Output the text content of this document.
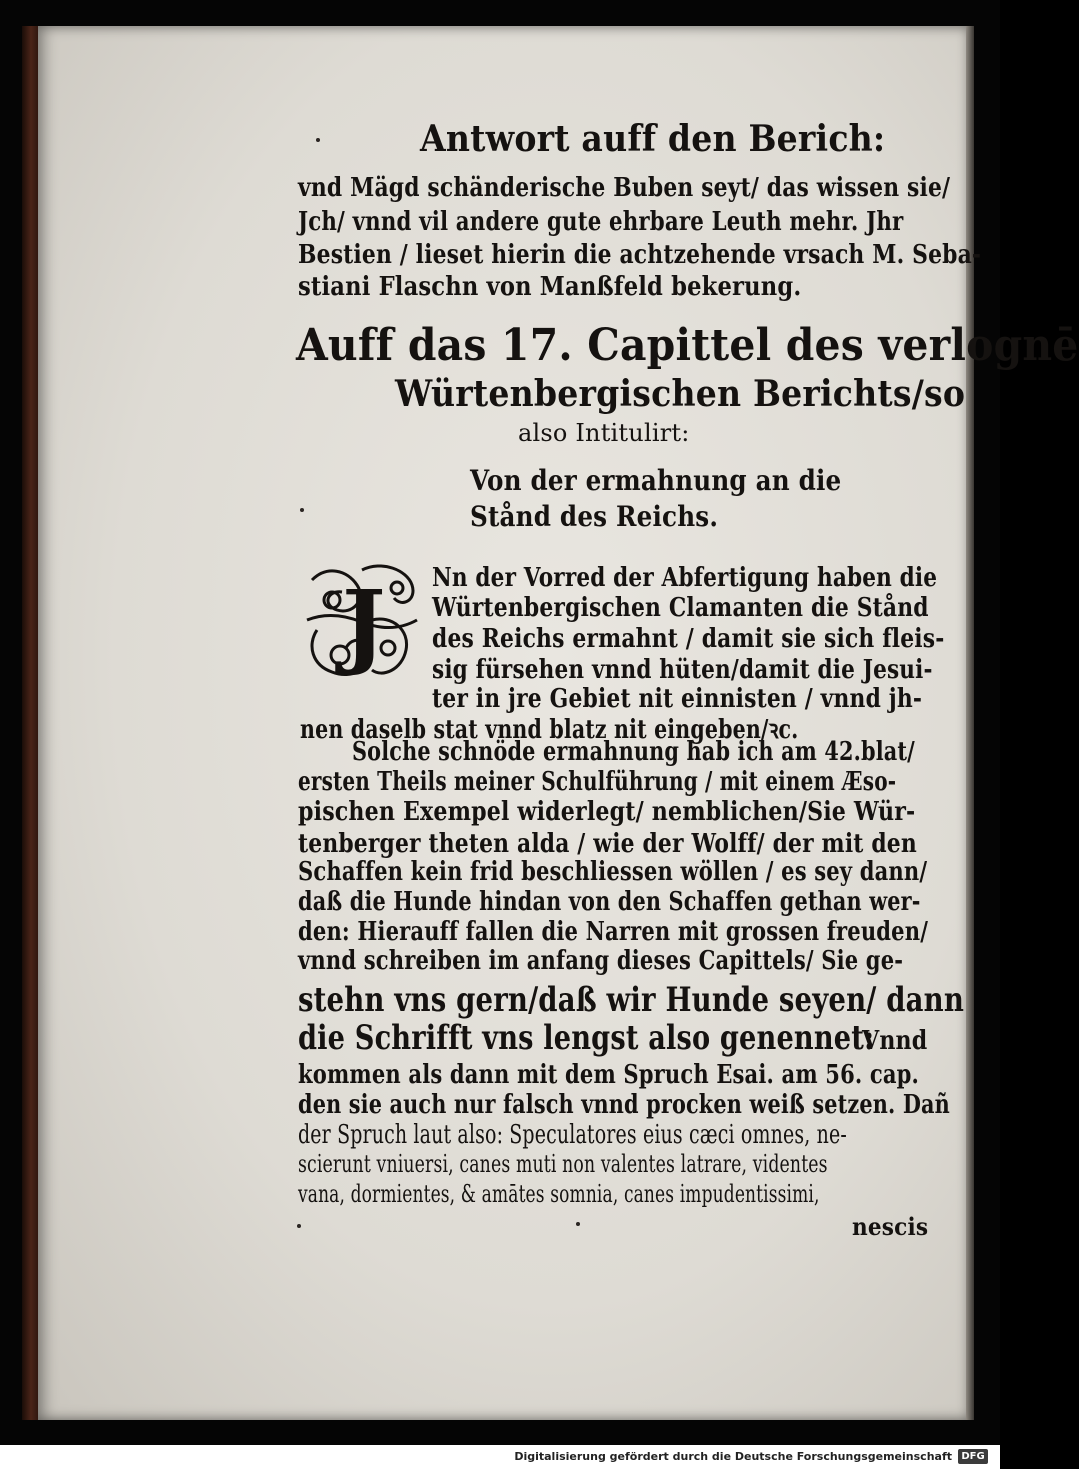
Antwort auff den Berich:
vnd Mägd schänderische Buben seyt/ das wissen sie/
Jch/ vnnd vil andere gute ehrbare Leuth mehr. Jhr
Bestien / lieset hierin die achtzehende vrsach M. Seba-
stiani Flaschn von Manßfeld bekerung.
Auff das 17. Capittel des verlognē
Würtenbergischen Berichts/so
also Intitulirt:
Von der ermahnung an die
Stånd des Reichs.
J Nn der Vorred der Abfertigung haben die
Würtenbergischen Clamanten die Stånd
des Reichs ermahnt / damit sie sich fleis-
sig fürsehen vnnd hüten/damit die Jesui-
ter in jre Gebiet nit einnisten / vnnd jh-
nen daselb stat vnnd blatz nit eingeben/ꝛc.
Solche schnöde ermahnung hab ich am 42.blat/
ersten Theils meiner Schulführung / mit einem Æso-
pischen Exempel widerlegt/ nemblichen/Sie Wür-
tenberger theten alda / wie der Wolff/ der mit den
Schaffen kein frid beschliessen wöllen / es sey dann/
daß die Hunde hindan von den Schaffen gethan wer-
den: Hierauff fallen die Narren mit grossen freuden/
vnnd schreiben im anfang dieses Capittels/ Sie ge-
stehn vns gern/daß wir Hunde seyen/ dann
die Schrifft vns lengst also genennet:
Vnnd
kommen als dann mit dem Spruch Esai. am 56. cap.
den sie auch nur falsch vnnd procken weiß setzen. Dañ
der Spruch laut also: Speculatores eius cæci omnes, ne-
scierunt vniuersi, canes muti non valentes latrare, videntes
vana, dormientes, & amātes somnia, canes impudentissimi,
nescis
Digitalisierung gefördert durch die Deutsche Forschungsgemeinschaft DFG
